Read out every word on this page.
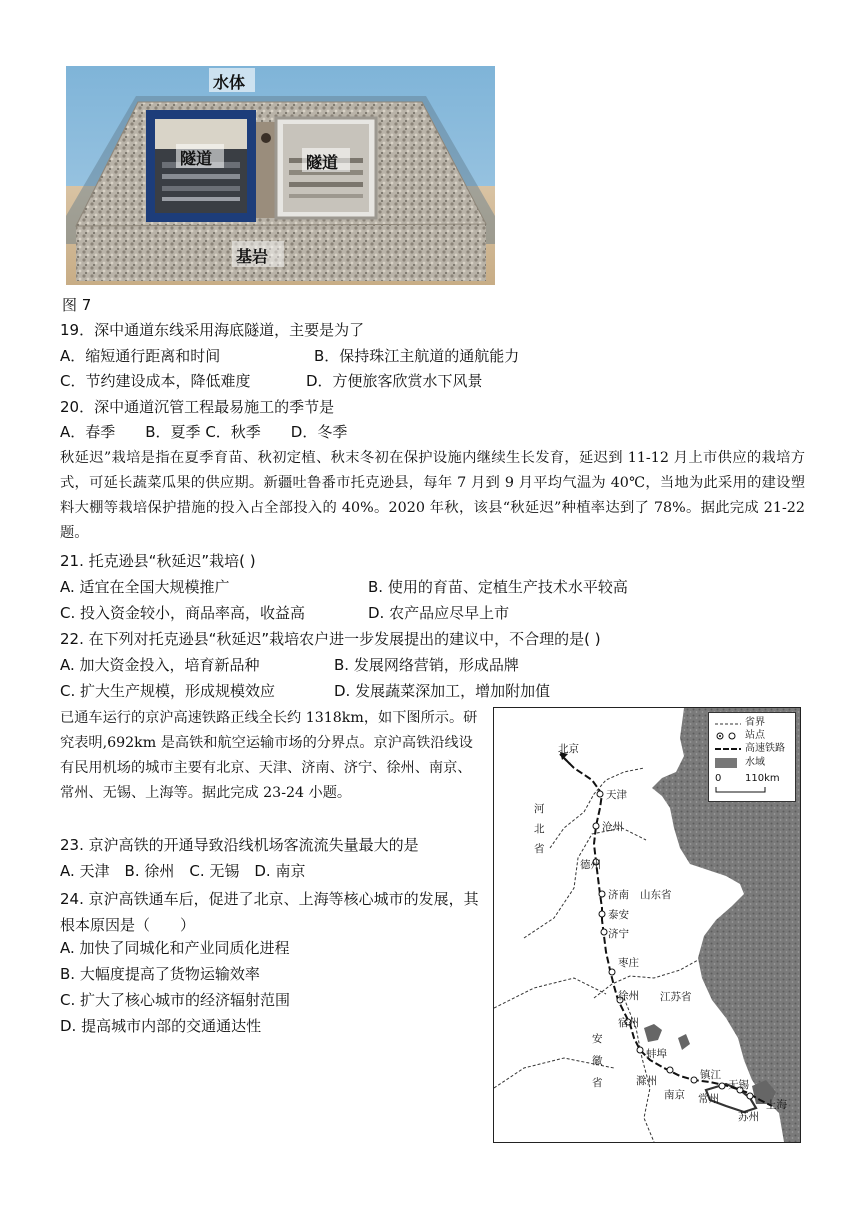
水体
隧道	隧道
基岩
图 7
19．深中通道东线采用海底隧道，主要是为了
A．缩短通行距离和时间	B．保持珠江主航道的通航能力
C．节约建设成本，降低难度	D．方便旅客欣赏水下风景
20．深中通道沉管工程最易施工的季节是
A．春季　　B．夏季 C．秋季　　D．冬季
秋延迟”栽培是指在夏季育苗、秋初定植、秋末冬初在保护设施内继续生长发育，延迟到 11-12 月上市供应的栽培方式，可延长蔬菜瓜果的供应期。新疆吐鲁番市托克逊县，每年 7 月到 9 月平均气温为 40℃，当地为此采用的建设塑料大棚等栽培保护措施的投入占全部投入的 40%。2020 年秋，该县“秋延迟”种植率达到了 78%。据此完成 21-22 题。
21. 托克逊县“秋延迟”栽培( )
A. 适宜在全国大规模推广	B. 使用的育苗、定植生产技术水平较高
C. 投入资金较小，商品率高，收益高	D. 农产品应尽早上市
22. 在下列对托克逊县“秋延迟”栽培农户进一步发展提出的建议中，不合理的是( )
A. 加大资金投入，培育新品种	B. 发展网络营销，形成品牌
C. 扩大生产规模，形成规模效应	D. 发展蔬菜深加工，增加附加值
已通车运行的京沪高速铁路正线全长约 1318km，如下图所示。研究表明,692km 是高铁和航空运输市场的分界点。京沪高铁沿线设有民用机场的城市主要有北京、天津、济南、济宁、徐州、南京、常州、无锡、上海等。据此完成 23-24 小题。
23. 京沪高铁的开通导致沿线机场客流流失量最大的是
A. 天津　B. 徐州　C. 无锡　D. 南京
24. 京沪高铁通车后，促进了北京、上海等核心城市的发展，其根本原因是（　　）
A. 加快了同城化和产业同质化进程
B. 大幅度提高了货物运输效率
C. 扩大了核心城市的经济辐射范围
D. 提高城市内部的交通通达性
北京
天津
沧州
德州
济南
泰安
济宁
枣庄
徐州
宿州
蚌埠
滁州
南京
镇江
常州
无锡
苏州
上海
河
北
省
山东省
江苏省
安
徽
省
省界
站点
高速铁路
水域
0 110km
